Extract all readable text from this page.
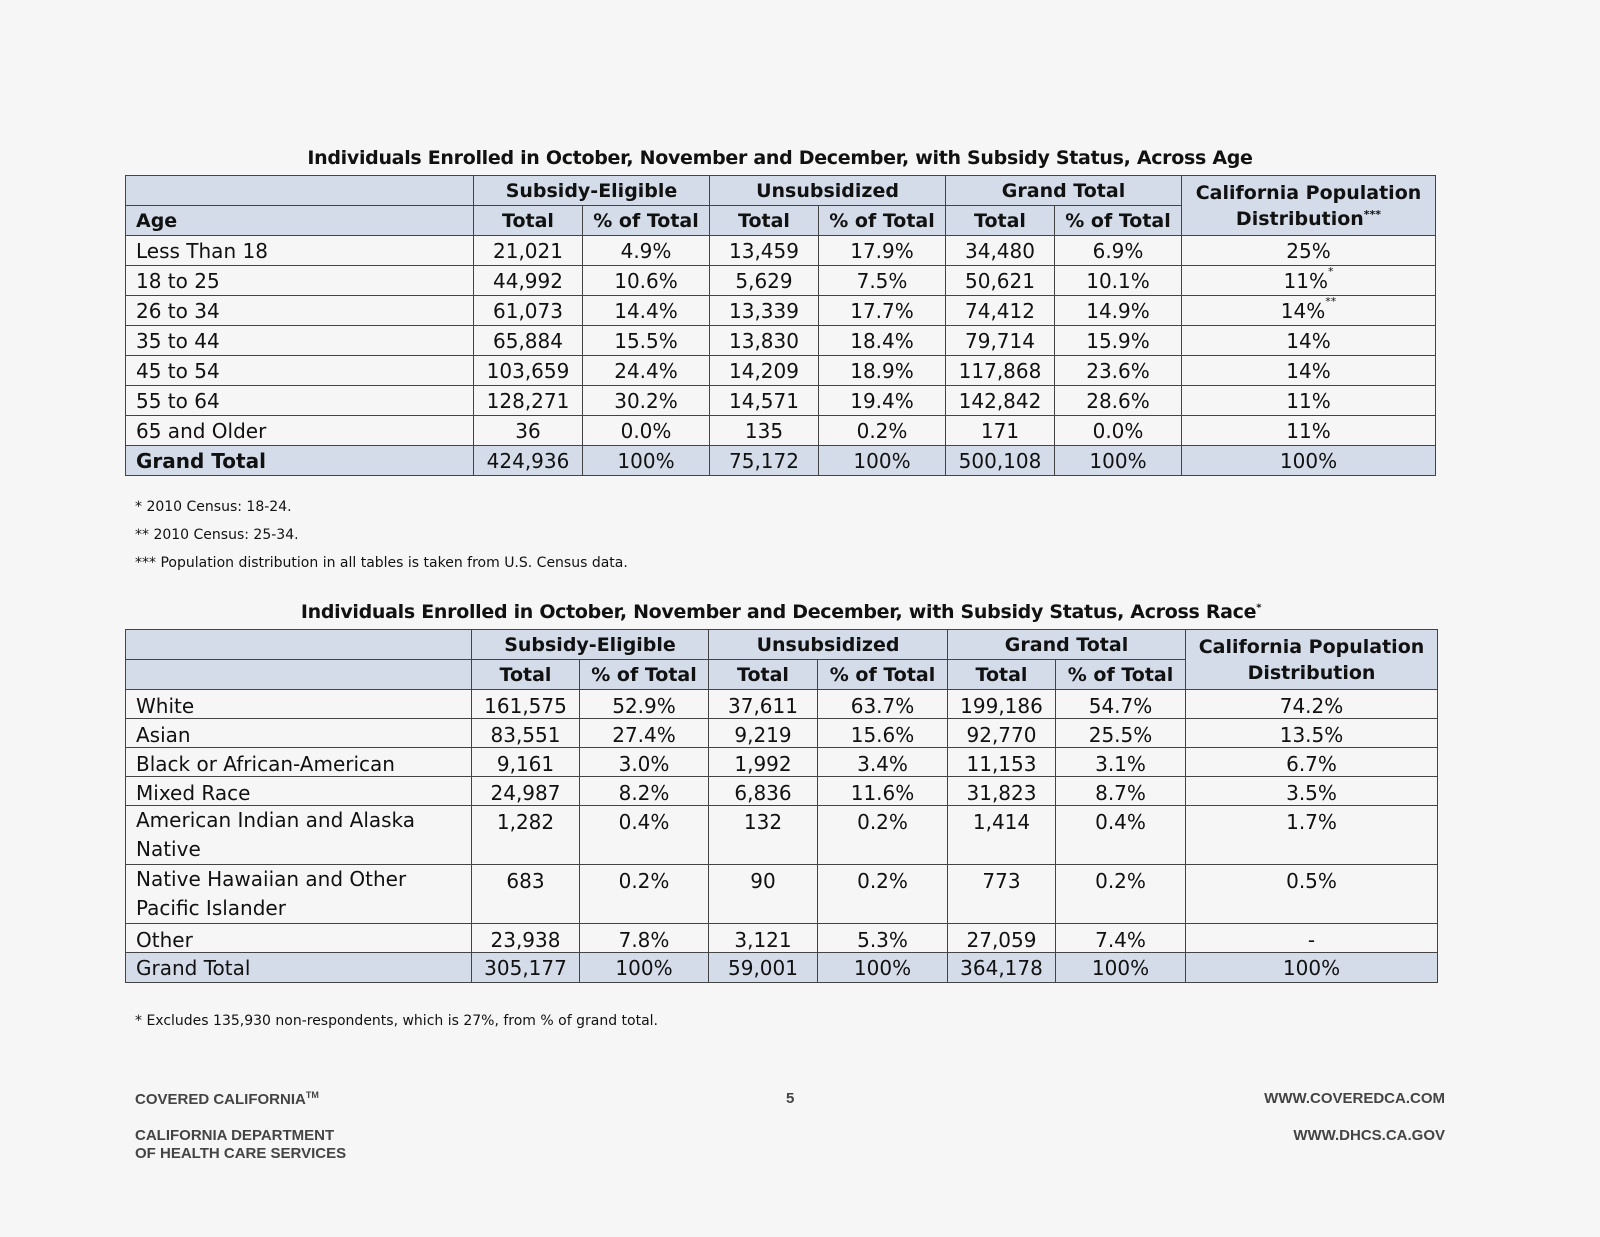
Individuals Enrolled in October, November and December, with Subsidy Status, Across Age
	Subsidy-Eligible		Unsubsidized		Grand Total		California Population
Distribution***
Age	Total	% of Total	Total	% of Total	Total	% of Total	
Less Than 18	21,021	4.9%	13,459	17.9%	34,480	6.9%	25%
18 to 25	44,992	10.6%	5,629	7.5%	50,621	10.1%	11%*
26 to 34	61,073	14.4%	13,339	17.7%	74,412	14.9%	14%**
35 to 44	65,884	15.5%	13,830	18.4%	79,714	15.9%	14%
45 to 54	103,659	24.4%	14,209	18.9%	117,868	23.6%	14%
55 to 64	128,271	30.2%	14,571	19.4%	142,842	28.6%	11%
65 and Older	36	0.0%	135	0.2%	171	0.0%	11%
Grand Total	424,936	100%	75,172	100%	500,108	100%	100%
* 2010 Census: 18-24.
** 2010 Census: 25-34.
*** Population distribution in all tables is taken from U.S. Census data.
Individuals Enrolled in October, November and December, with Subsidy Status, Across Race*
	Subsidy-Eligible		Unsubsidized		Grand Total		California Population
Distribution
	Total	% of Total	Total	% of Total	Total	% of Total	
White	161,575	52.9%	37,611	63.7%	199,186	54.7%	74.2%
Asian	83,551	27.4%	9,219	15.6%	92,770	25.5%	13.5%
Black or African-American	9,161	3.0%	1,992	3.4%	11,153	3.1%	6.7%
Mixed Race	24,987	8.2%	6,836	11.6%	31,823	8.7%	3.5%
American Indian and Alaska Native	1,282	0.4%	132	0.2%	1,414	0.4%	1.7%
Native Hawaiian and Other Pacific Islander	683	0.2%	90	0.2%	773	0.2%	0.5%
Other	23,938	7.8%	3,121	5.3%	27,059	7.4%	-
Grand Total	305,177	100%	59,001	100%	364,178	100%	100%
* Excludes 135,930 non-respondents, which is 27%, from % of grand total.
COVERED CALIFORNIA™	5	WWW.COVEREDCA.COM
CALIFORNIA DEPARTMENT
OF HEALTH CARE SERVICES
WWW.DHCS.CA.GOV
